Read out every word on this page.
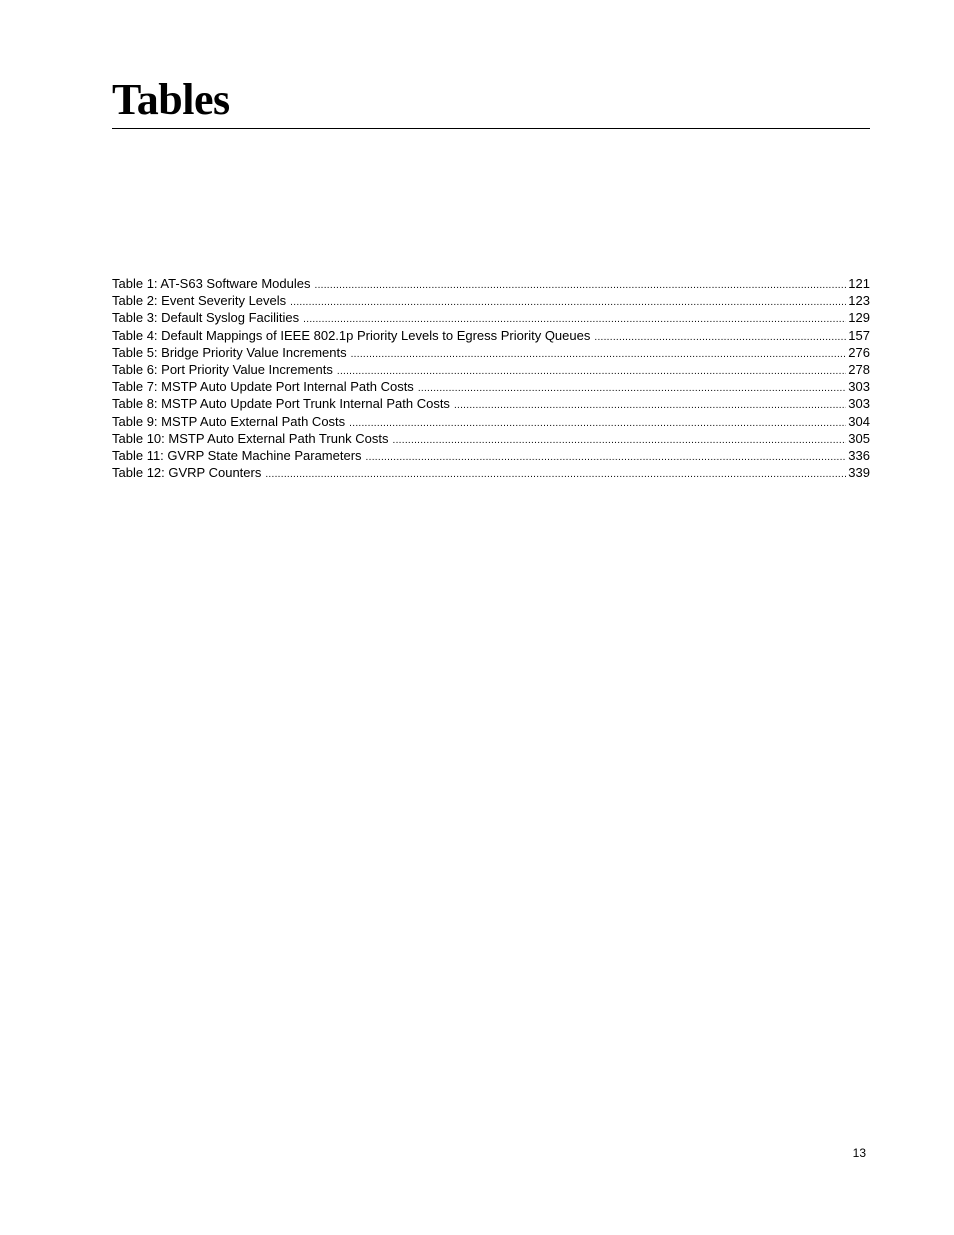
Tables
Table 1: AT-S63 Software Modules .....	121
Table 2: Event Severity Levels .....	123
Table 3: Default Syslog Facilities .....	129
Table 4: Default Mappings of IEEE 802.1p Priority Levels to Egress Priority Queues .....	157
Table 5: Bridge Priority Value Increments .....	276
Table 6: Port Priority Value Increments .....	278
Table 7: MSTP Auto Update Port Internal Path Costs .....	303
Table 8: MSTP Auto Update Port Trunk Internal Path Costs .....	303
Table 9: MSTP Auto External Path Costs .....	304
Table 10: MSTP Auto External Path Trunk Costs .....	305
Table 11: GVRP State Machine Parameters .....	336
Table 12: GVRP Counters .....	339
13
